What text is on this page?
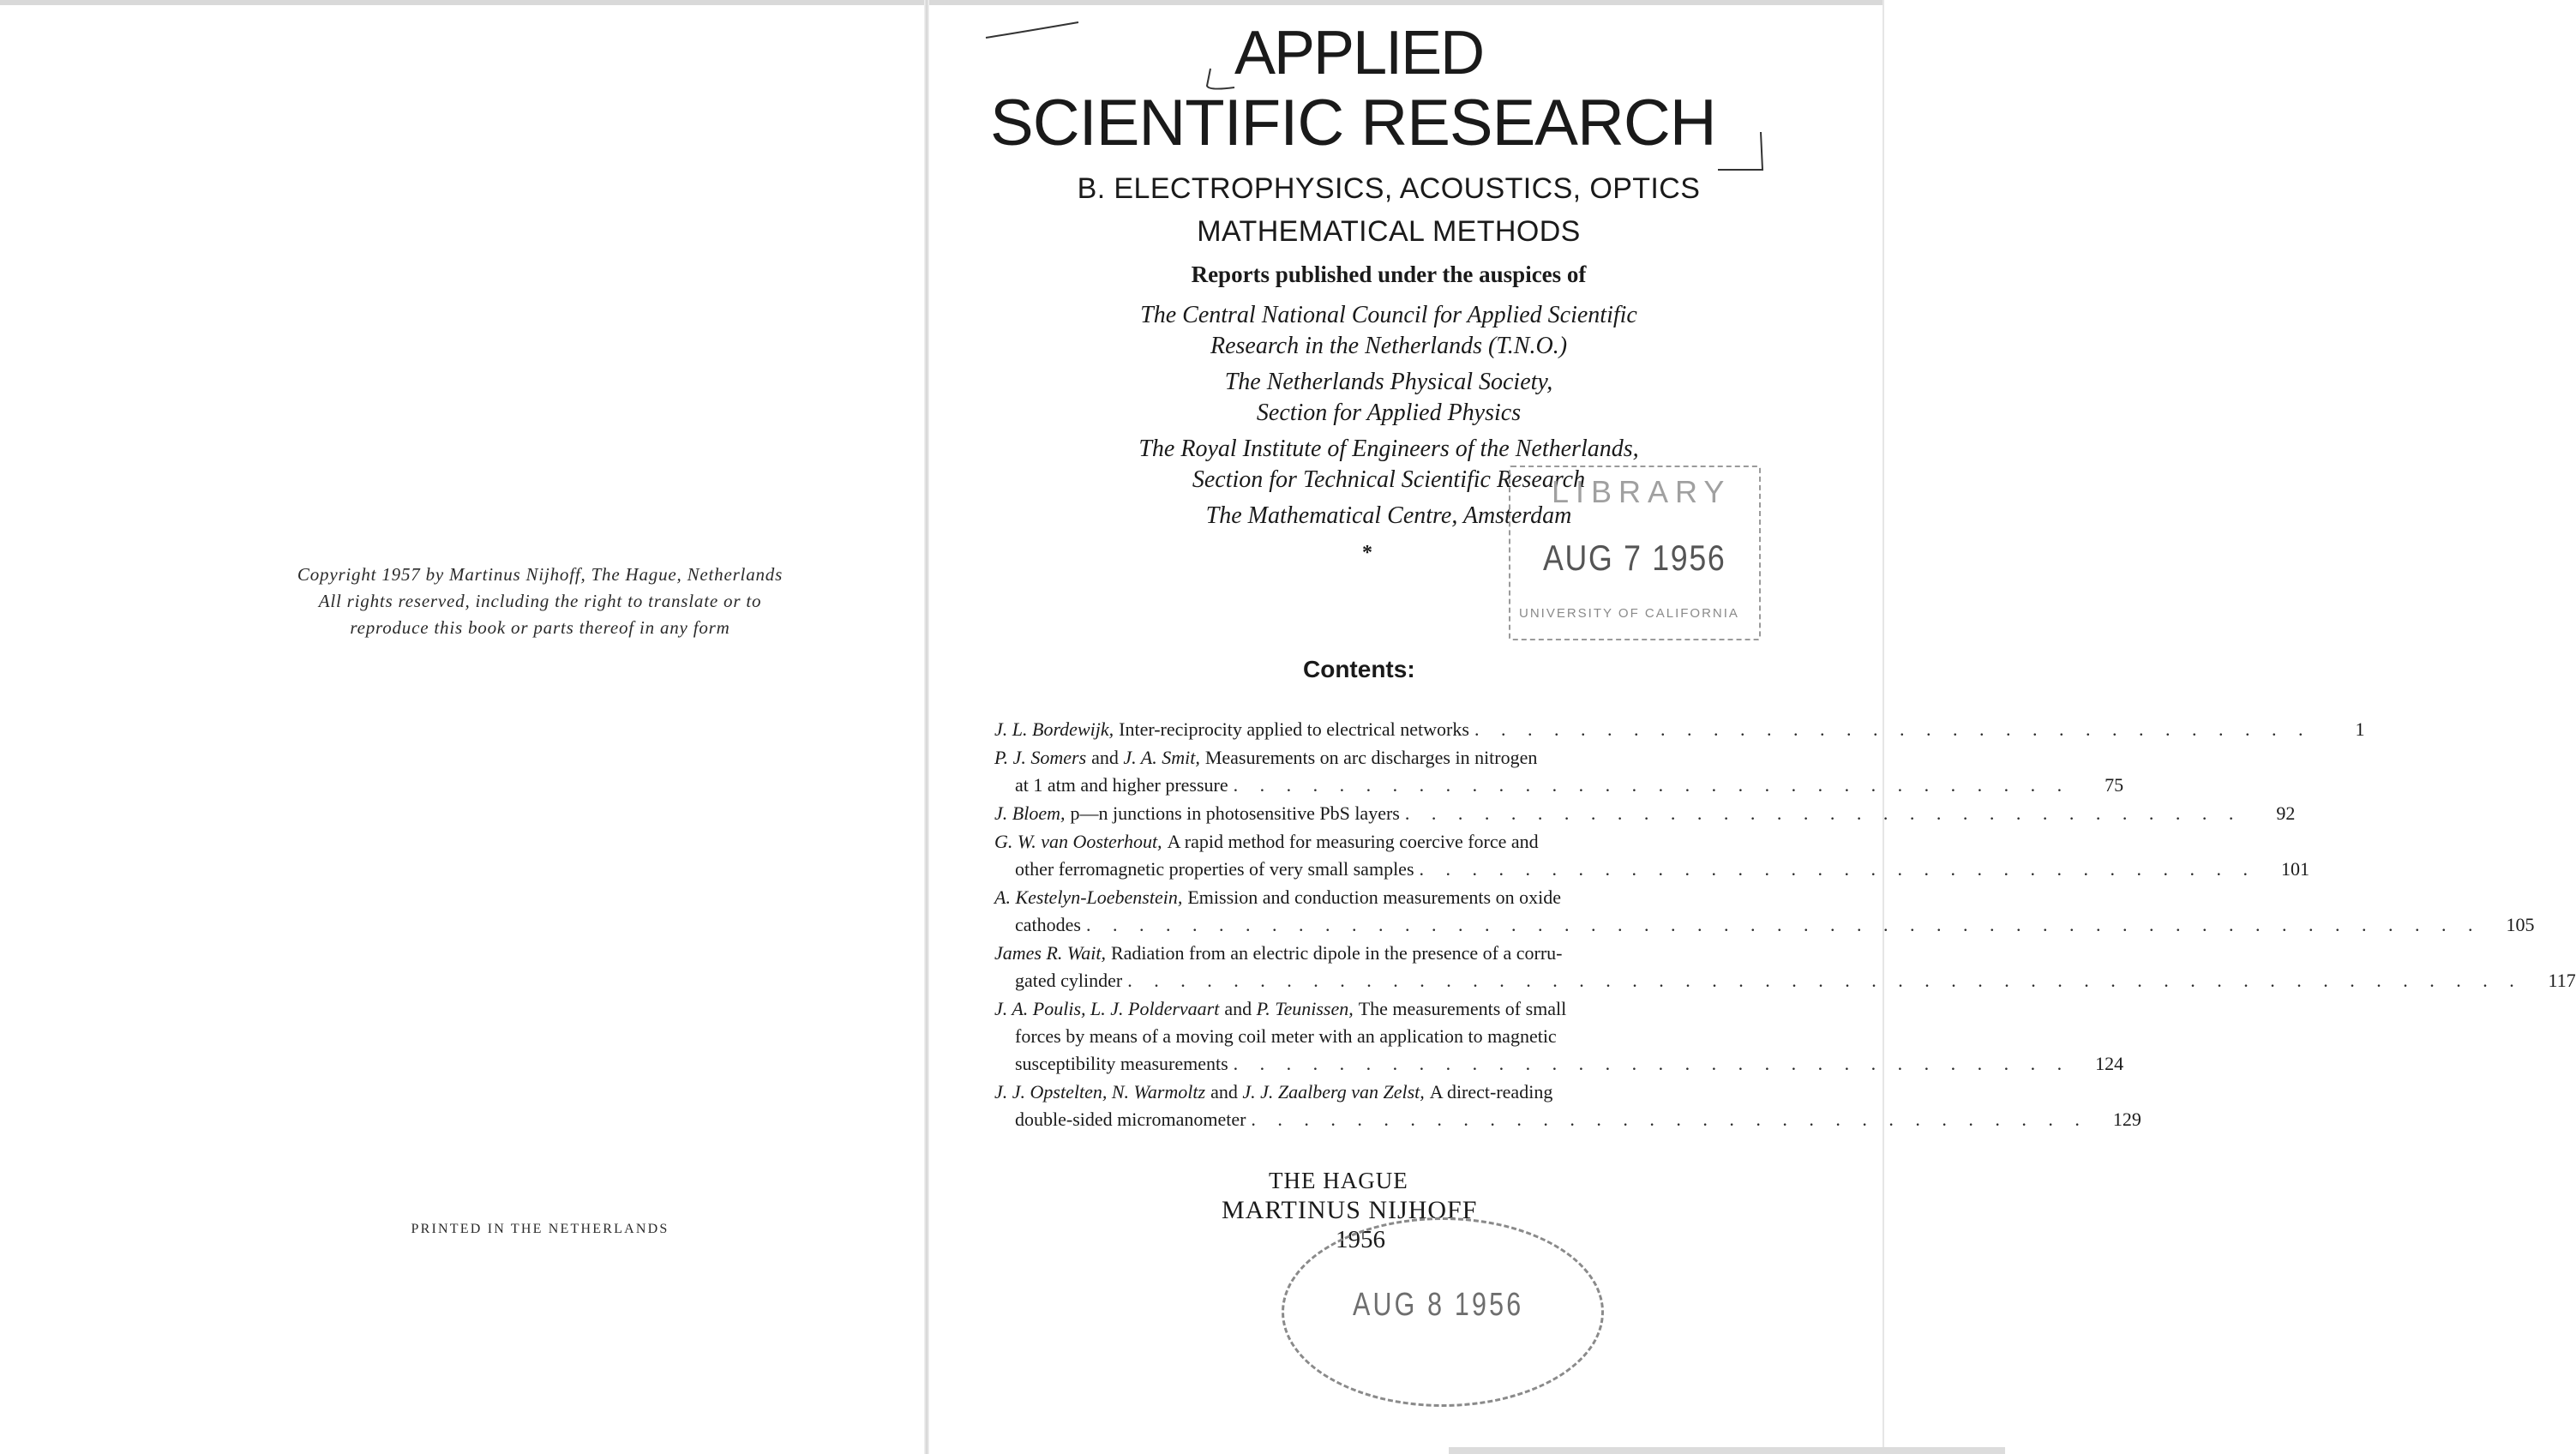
Copyright 1957 by Martinus Nijhoff, The Hague, Netherlands
All rights reserved, including the right to translate or to
reproduce this book or parts thereof in any form
PRINTED IN THE NETHERLANDS
APPLIED
SCIENTIFIC RESEARCH
B. ELECTROPHYSICS, ACOUSTICS, OPTICS
MATHEMATICAL METHODS
Reports published under the auspices of
The Central National Council for Applied Scientific
Research in the Netherlands (T.N.O.)
The Netherlands Physical Society,
Section for Applied Physics
The Royal Institute of Engineers of the Netherlands,
Section for Technical Scientific Research
The Mathematical Centre, Amsterdam
*
LIBRARY
AUG 7 1956
UNIVERSITY OF CALIFORNIA
Contents:
J. L. Bordewijk, Inter-reciprocity applied to electrical networks . . . . . . . . . . . . . . . . . . . . . . . . . . . . . . . .	1
P. J. Somers and
J. A. Smit, Measurements on arc discharges in nitrogen
at 1 atm and higher pressure . . . . . . . . . . . . . . . . . . . . . . . . . . . . . . . .	75
J. Bloem, p—n junctions in photosensitive PbS layers . . . . . . . . . . . . . . . . . . . . . . . . . . . . . . . .	92
G. W. van Oosterhout, A rapid method for measuring coercive force and
other ferromagnetic properties of very small samples . . . . . . . . . . . . . . . . . . . . . . . . . . . . . . . .	101
A. Kestelyn-Loebenstein, Emission and conduction measurements on oxide
cathodes . . . . . . . . . . . . . . . . . . . . . . . . . . . . . . . . . . . . . . . . . . . . . . . . . . . . .	105
James R. Wait, Radiation from an electric dipole in the presence of a corru-
gated cylinder . . . . . . . . . . . . . . . . . . . . . . . . . . . . . . . . . . . . . . . . . . . . . . . . . . . . .	117
J. A. Poulis, L. J. Poldervaart and
P. Teunissen, The measurements of small
forces by means of a moving coil meter with an application to magnetic
susceptibility measurements . . . . . . . . . . . . . . . . . . . . . . . . . . . . . . . .	124
J. J. Opstelten, N. Warmoltz and
J. J. Zaalberg van Zelst, A direct-reading
double-sided micromanometer . . . . . . . . . . . . . . . . . . . . . . . . . . . . . . . .	129
THE HAGUE
MARTINUS NIJHOFF
1956
AUG 8 1956
